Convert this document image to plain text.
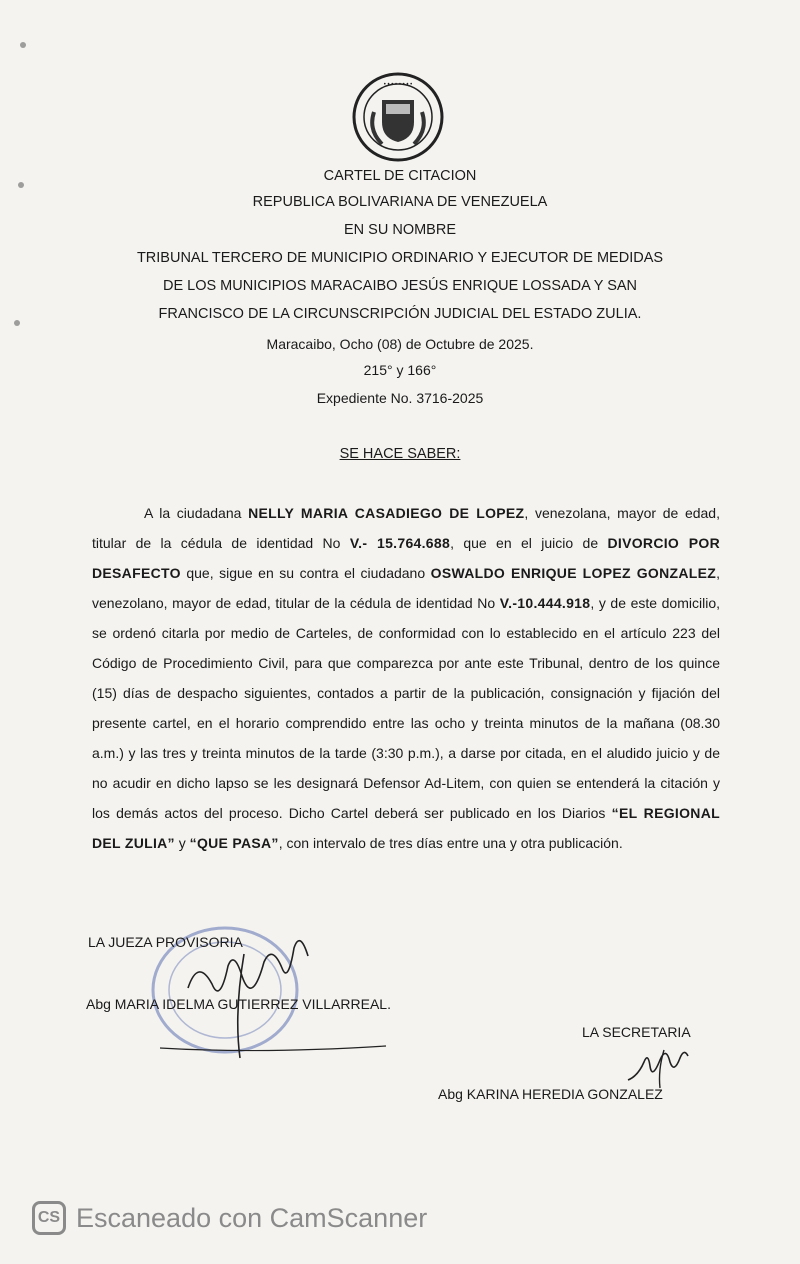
• • • • • • • •
CARTEL DE CITACION
REPUBLICA BOLIVARIANA DE VENEZUELA
EN SU NOMBRE
TRIBUNAL TERCERO DE MUNICIPIO ORDINARIO Y EJECUTOR DE MEDIDAS
DE LOS MUNICIPIOS MARACAIBO JESÚS ENRIQUE LOSSADA Y SAN
FRANCISCO DE LA CIRCUNSCRIPCIÓN JUDICIAL DEL ESTADO ZULIA.
Maracaibo, Ocho (08) de Octubre de 2025.
215° y 166°
Expediente No. 3716-2025
SE HACE SABER:
A la ciudadana NELLY MARIA CASADIEGO DE LOPEZ, venezolana, mayor de edad, titular de la cédula de identidad No V.- 15.764.688, que en el juicio de DIVORCIO POR DESAFECTO que, sigue en su contra el ciudadano OSWALDO ENRIQUE LOPEZ GONZALEZ, venezolano, mayor de edad, titular de la cédula de identidad No V.-10.444.918, y de este domicilio, se ordenó citarla por medio de Carteles, de conformidad con lo establecido en el artículo 223 del Código de Procedimiento Civil, para que comparezca por ante este Tribunal, dentro de los quince (15) días de despacho siguientes, contados a partir de la publicación, consignación y fijación del presente cartel, en el horario comprendido entre las ocho y treinta minutos de la mañana (08.30 a.m.) y las tres y treinta minutos de la tarde (3:30 p.m.), a darse por citada, en el aludido juicio y de no acudir en dicho lapso se les designará Defensor Ad-Litem, con quien se entenderá la citación y los demás actos del proceso. Dicho Cartel deberá ser publicado en los Diarios “EL REGIONAL DEL ZULIA” y “QUE PASA”, con intervalo de tres días entre una y otra publicación.
LA JUEZA PROVISORIA
Abg MARIA IDELMA GUTIERREZ VILLARREAL.
LA SECRETARIA
Abg KARINA HEREDIA GONZALEZ
CS Escaneado con CamScanner
